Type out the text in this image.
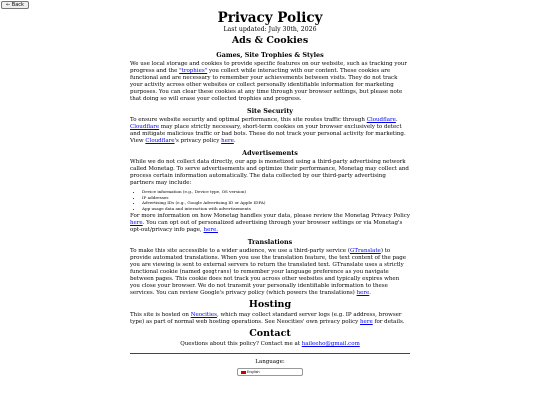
← Back
Privacy Policy
Last updated: July 30th, 2026
Ads & Cookies
Games, Site Trophies & Styles

We use local storage and cookies to provide specific features on our website, such as tracking your progress and the "trophies" you collect while interacting with our content. These cookies are functional and are necessary to remember your achievements between visits. They do not track your activity across other websites or collect personally identifiable information for marketing purposes. You can clear these cookies at any time through your browser settings, but please note that doing so will erase your collected trophies and progress.

Site Security

To ensure website security and optimal performance, this site routes traffic through Cloudflare. Cloudflare may place strictly necessary, short-term cookies on your browser exclusively to detect and mitigate malicious traffic or bad bots. These do not track your personal activity for marketing. View Cloudflare's privacy policy here.

Advertisements

While we do not collect data directly, our app is monetized using a third-party advertising network called Monetag. To serve advertisements and optimize their performance, Monetag may collect and process certain information automatically. The data collected by our third-party advertising partners may include:

• Device information (e.g., Device type, OS version)
• IP addresses
• Advertising IDs (e.g., Google Advertising ID or Apple IDFA)
• App usage data and interaction with advertisements

For more information on how Monetag handles your data, please review the Monetag Privacy Policy here. You can opt out of personalized advertising through your browser settings or via Monetag's opt-out/privacy info page, here.

Translations

To make this site accessible to a wider audience, we use a third-party service (GTranslate) to provide automated translations. When you use the translation feature, the text content of the page you are viewing is sent to external servers to return the translated text. GTranslate uses a strictly functional cookie (named googtrans) to remember your language preference as you navigate between pages. This cookie does not track you across other websites and typically expires when you close your browser. We do not transmit your personally identifiable information to these services. You can review Google's privacy policy (which powers the translations) here.

Hosting

This site is hosted on Neocities, which may collect standard server logs (e.g. IP address, browser type) as part of normal web hosting operations. See Neocities' own privacy policy here for details.

Contact

Questions about this policy? Contact me at haileeho@gmail.com

Language:
English
